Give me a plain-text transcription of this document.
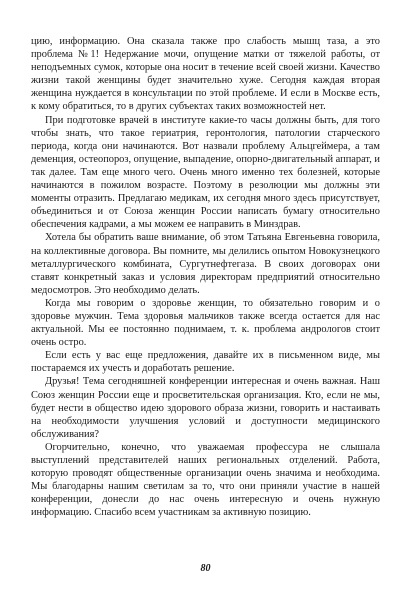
цию, информацию. Она сказала также про слабость мышц таза, а это проблема №1! Недержание мочи, опущение матки от тяжелой работы, от неподъемных сумок, которые она носит в течение всей своей жизни. Качество жизни такой женщины будет значительно хуже. Сегодня каждая вторая женщина нуждается в консультации по этой проблеме. И если в Москве есть, к кому обратиться, то в других субъектах таких возможностей нет.

При подготовке врачей в институте какие-то часы должны быть, для того чтобы знать, что такое гериатрия, геронтология, патологии старческого периода, когда они начинаются. Вот назвали проблему Альцгеймера, а там деменция, остеопороз, опущение, выпадение, опорно-двигательный аппарат, и так далее. Там еще много чего. Очень много именно тех болезней, которые начинаются в пожилом возрасте. Поэтому в резолюции мы должны эти моменты отразить. Предлагаю медикам, их сегодня много здесь присутствует, объединиться и от Союза женщин России написать бумагу относительно обеспечения кадрами, а мы можем ее направить в Минздрав.

Хотела бы обратить ваше внимание, об этом Татьяна Евгеньевна говорила, на коллективные договора. Вы помните, мы делились опытом Новокузнецкого металлургического комбината, Сургутнефтегаза. В своих договорах они ставят конкретный заказ и условия директорам предприятий относительно медосмотров. Это необходимо делать.

Когда мы говорим о здоровье женщин, то обязательно говорим и о здоровье мужчин. Тема здоровья мальчиков также всегда остается для нас актуальной. Мы ее постоянно поднимаем, т. к. проблема андрологов стоит очень остро.

Если есть у вас еще предложения, давайте их в письменном виде, мы постараемся их учесть и доработать решение.

Друзья! Тема сегодняшней конференции интересная и очень важная. Наш Союз женщин России еще и просветительская организация. Кто, если не мы, будет нести в общество идею здорового образа жизни, говорить и настаивать на необходимости улучшения условий и доступности медицинского обслуживания?

Огорчительно, конечно, что уважаемая профессура не слышала выступлений представителей наших региональных отделений. Работа, которую проводят общественные организации очень значима и необходима. Мы благодарны нашим светилам за то, что они приняли участие в нашей конференции, донесли до нас очень интересную и очень нужную информацию. Спасибо всем участникам за активную позицию.

80
